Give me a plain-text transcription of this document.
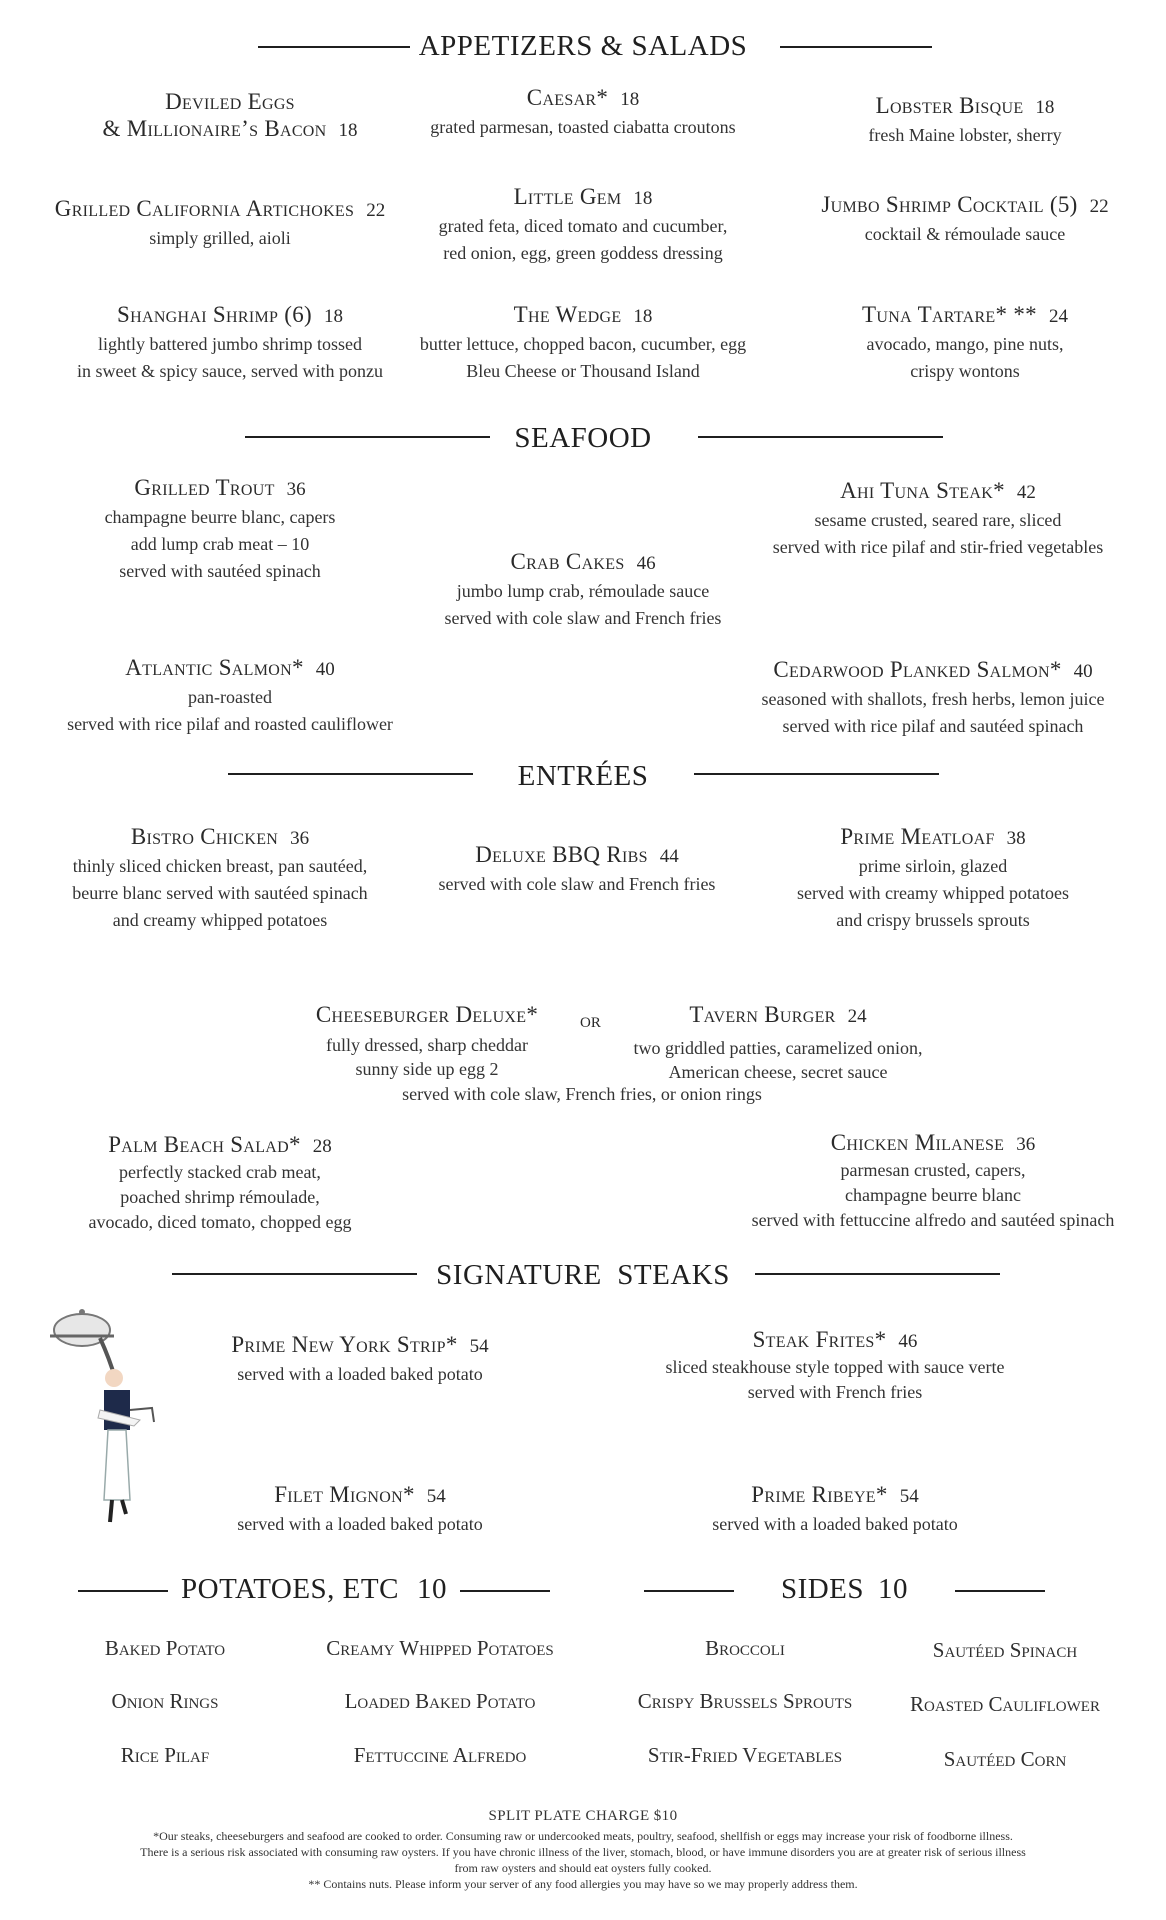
APPETIZERS & SALADS
Deviled Eggs
& Millionaire’s Bacon 18
Caesar* 18
grated parmesan, toasted ciabatta croutons
Lobster Bisque 18
fresh Maine lobster, sherry
Grilled California Artichokes 22
simply grilled, aioli
Little Gem 18
grated feta, diced tomato and cucumber,
red onion, egg, green goddess dressing
Jumbo Shrimp Cocktail (5) 22
cocktail & rémoulade sauce
Shanghai Shrimp (6) 18
lightly battered jumbo shrimp tossed
in sweet & spicy sauce, served with ponzu
The Wedge 18
butter lettuce, chopped bacon, cucumber, egg
Bleu Cheese or Thousand Island
Tuna Tartare* ** 24
avocado, mango, pine nuts,
crispy wontons
SEAFOOD
Grilled Trout 36
champagne beurre blanc, capers
add lump crab meat – 10
served with sautéed spinach
Ahi Tuna Steak* 42
sesame crusted, seared rare, sliced
served with rice pilaf and stir-fried vegetables
Crab Cakes 46
jumbo lump crab, rémoulade sauce
served with cole slaw and French fries
Atlantic Salmon* 40
pan-roasted
served with rice pilaf and roasted cauliflower
Cedarwood Planked Salmon* 40
seasoned with shallots, fresh herbs, lemon juice
served with rice pilaf and sautéed spinach
ENTRÉES
Bistro Chicken 36
thinly sliced chicken breast, pan sautéed,
beurre blanc served with sautéed spinach
and creamy whipped potatoes
Deluxe BBQ Ribs 44
served with cole slaw and French fries
Prime Meatloaf 38
prime sirloin, glazed
served with creamy whipped potatoes
and crispy brussels sprouts
Cheeseburger Deluxe*
fully dressed, sharp cheddar
sunny side up egg 2
or	Tavern Burger 24
two griddled patties, caramelized onion,
American cheese, secret sauce
served with cole slaw, French fries, or onion rings
Palm Beach Salad* 28
perfectly stacked crab meat,
poached shrimp rémoulade,
avocado, diced tomato, chopped egg
Chicken Milanese 36
parmesan crusted, capers,
champagne beurre blanc
served with fettuccine alfredo and sautéed spinach
SIGNATURE  STEAKS
Prime New York Strip* 54
served with a loaded baked potato
Steak Frites* 46
sliced steakhouse style topped with sauce verte
served with French fries
Filet Mignon* 54
served with a loaded baked potato
Prime Ribeye* 54
served with a loaded baked potato
POTATOES, ETC 10	SIDES 10
Baked Potato	Creamy Whipped Potatoes
Onion Rings	Loaded Baked Potato
Rice Pilaf	Fettuccine Alfredo
Broccoli	Sautéed Spinach
Crispy Brussels Sprouts	Roasted Cauliflower
Stir-Fried Vegetables	Sautéed Corn
SPLIT PLATE CHARGE $10
*Our steaks, cheeseburgers and seafood are cooked to order. Consuming raw or undercooked meats, poultry, seafood, shellfish or eggs may increase your risk of foodborne illness.
There is a serious risk associated with consuming raw oysters. If you have chronic illness of the liver, stomach, blood, or have immune disorders you are at greater risk of serious illness
from raw oysters and should eat oysters fully cooked.
** Contains nuts. Please inform your server of any food allergies you may have so we may properly address them.
